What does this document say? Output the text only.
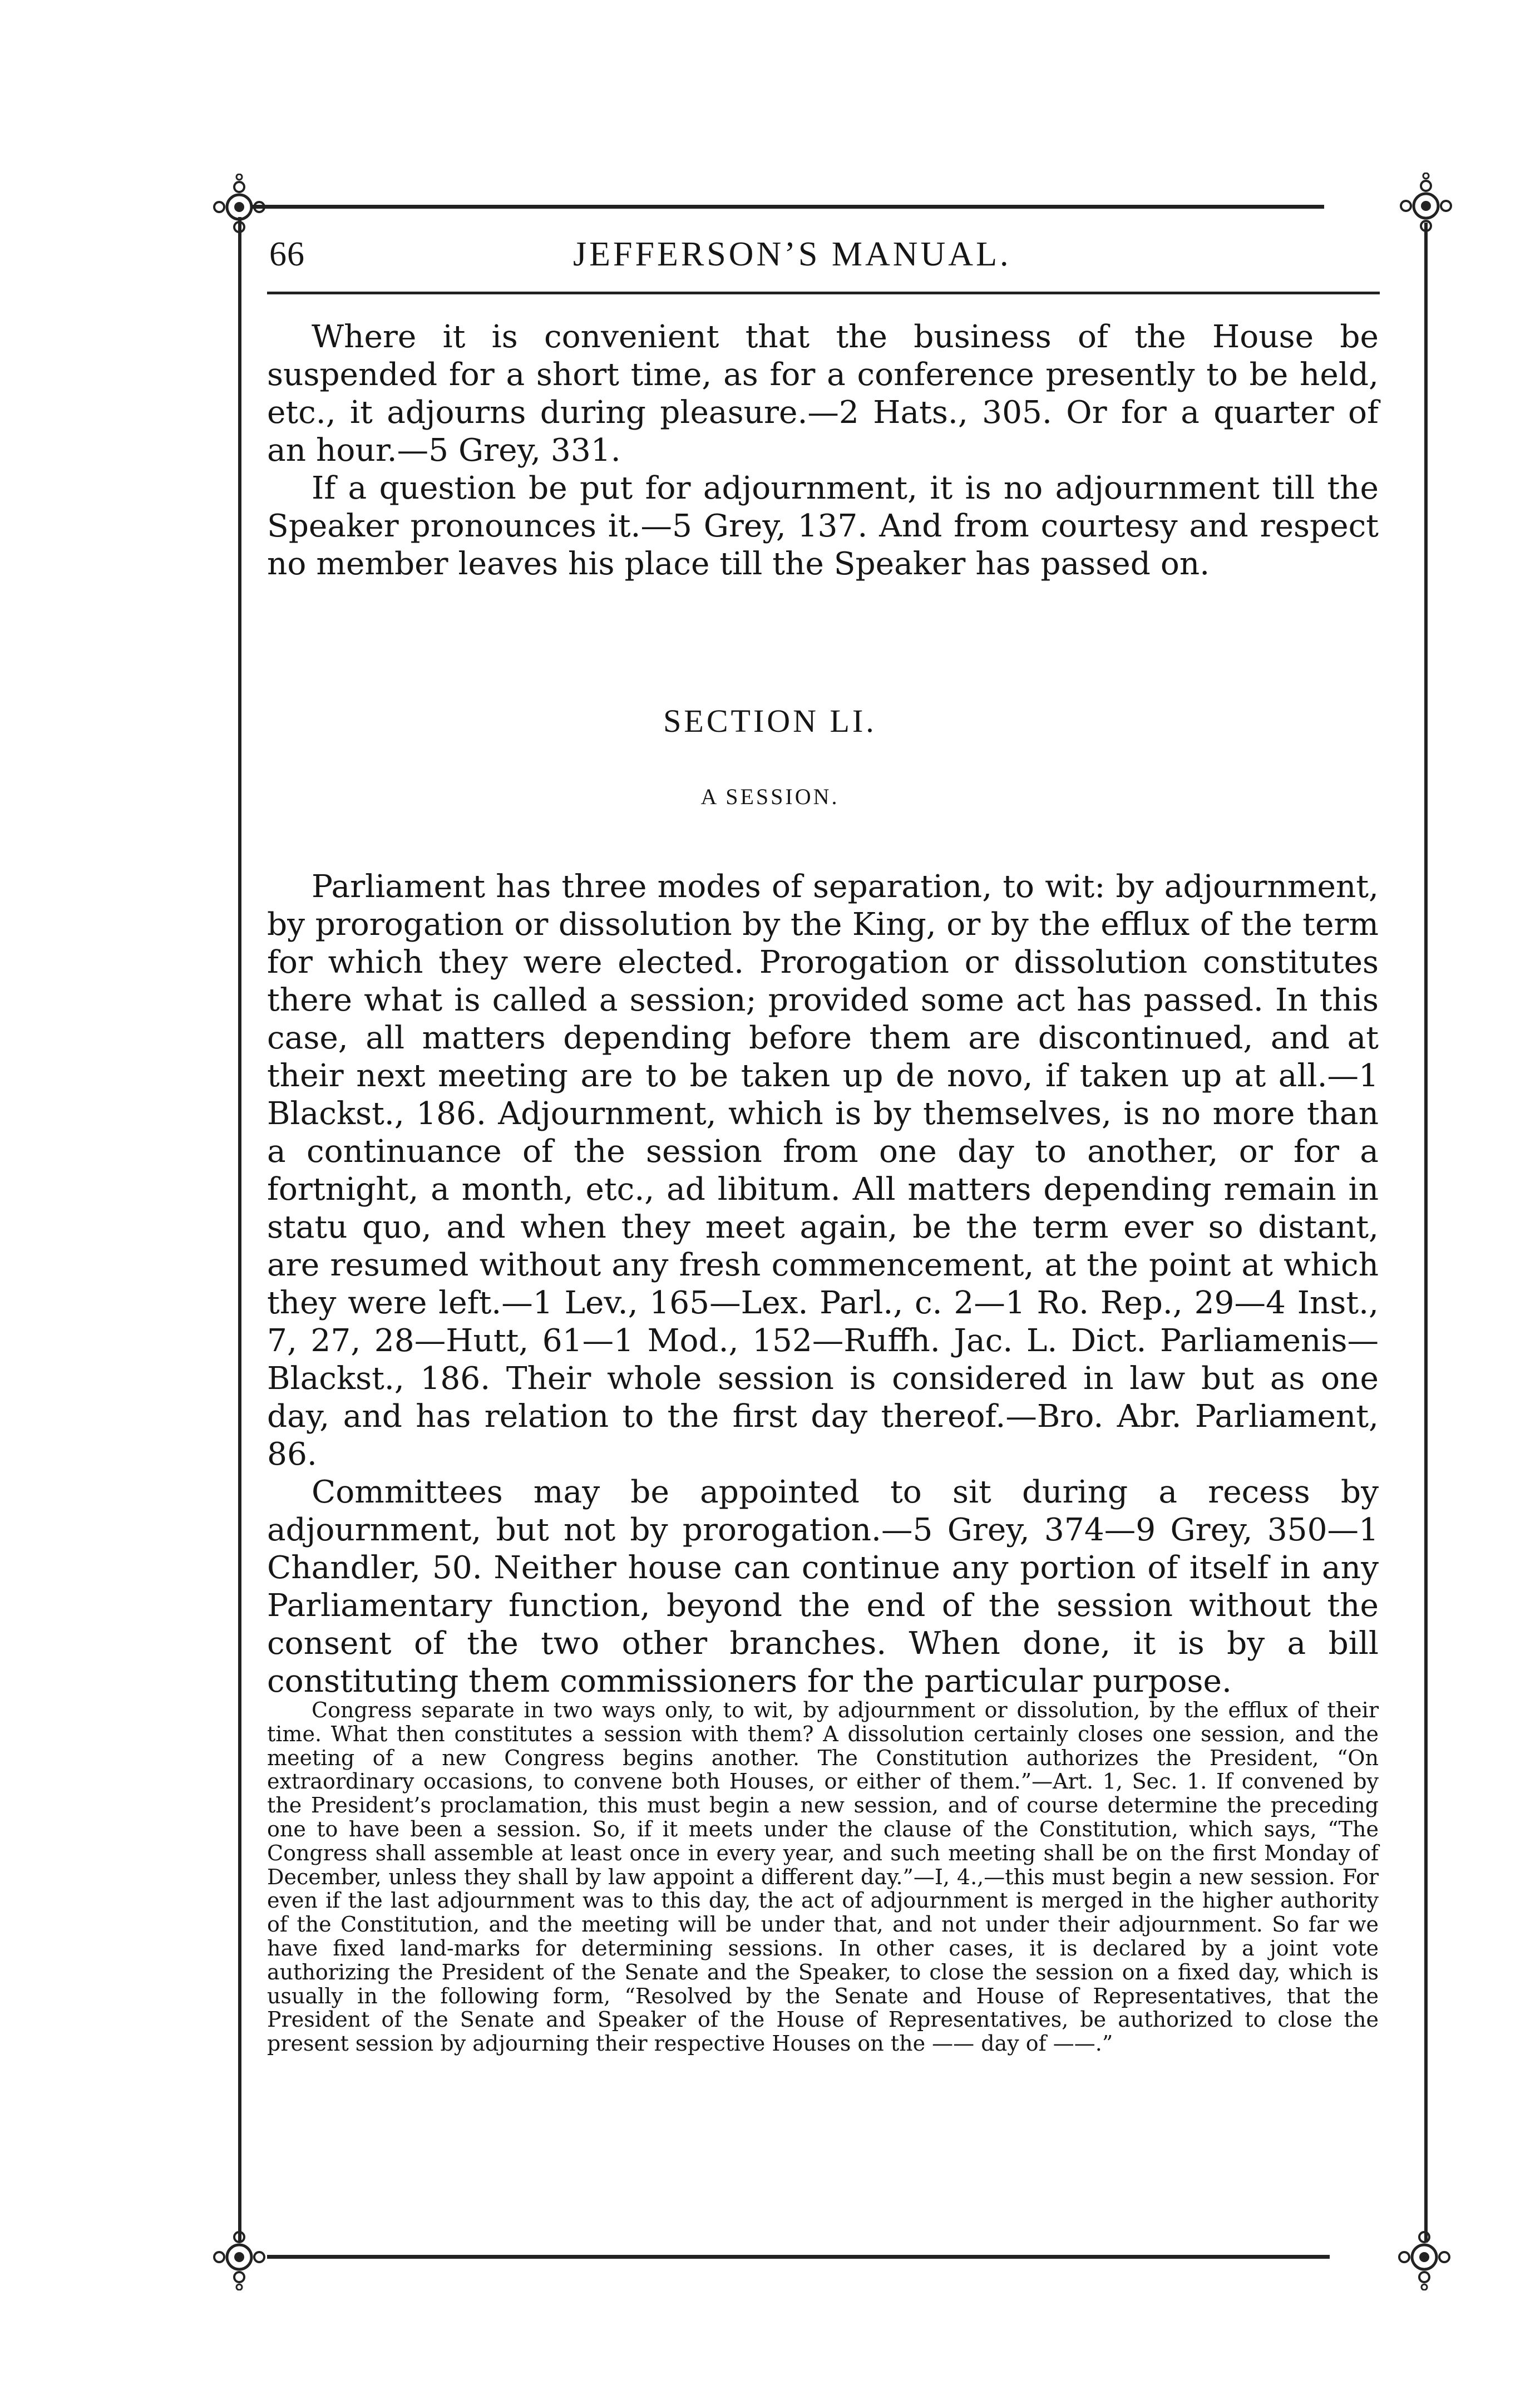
66	JEFFERSON’S MANUAL.

Where it is convenient that the business of the House be suspended for a short time, as for a conference presently to be held, etc., it adjourns during pleasure.—2 Hats., 305. Or for a quarter of an hour.—5 Grey, 331.

If a question be put for adjournment, it is no adjournment till the Speaker pronounces it.—5 Grey, 137. And from courtesy and respect no member leaves his place till the Speaker has passed on.

SECTION LI.
A SESSION.

Parliament has three modes of separation, to wit: by adjournment, by prorogation or dissolution by the King, or by the efflux of the term for which they were elected. Prorogation or dissolution constitutes there what is called a session; provided some act has passed. In this case, all matters depending before them are discontinued, and at their next meeting are to be taken up de novo, if taken up at all.—1 Blackst., 186. Adjournment, which is by themselves, is no more than a continuance of the session from one day to another, or for a fortnight, a month, etc., ad libitum. All matters depending remain in statu quo, and when they meet again, be the term ever so distant, are resumed without any fresh commencement, at the point at which they were left.—1 Lev., 165—Lex. Parl., c. 2—1 Ro. Rep., 29—4 Inst., 7, 27, 28—Hutt, 61—1 Mod., 152—Ruffh. Jac. L. Dict. Parliamenis—Blackst., 186. Their whole session is considered in law but as one day, and has relation to the first day thereof.—Bro. Abr. Parliament, 86.

Committees may be appointed to sit during a recess by adjournment, but not by prorogation.—5 Grey, 374—9 Grey, 350—1 Chandler, 50. Neither house can continue any portion of itself in any Parliamentary function, beyond the end of the session without the consent of the two other branches. When done, it is by a bill constituting them commissioners for the particular purpose.

Congress separate in two ways only, to wit, by adjournment or dissolution, by the efflux of their time. What then constitutes a session with them? A dissolution certainly closes one session, and the meeting of a new Congress begins another. The Constitution authorizes the President, “On extraordinary occasions, to convene both Houses, or either of them.”—Art. 1, Sec. 1. If convened by the President’s proclamation, this must begin a new session, and of course determine the preceding one to have been a session. So, if it meets under the clause of the Constitution, which says, “The Congress shall assemble at least once in every year, and such meeting shall be on the first Monday of December, unless they shall by law appoint a different day.”—I, 4.,—this must begin a new session. For even if the last adjournment was to this day, the act of adjournment is merged in the higher authority of the Constitution, and the meeting will be under that, and not under their adjournment. So far we have fixed land-marks for determining sessions. In other cases, it is declared by a joint vote authorizing the President of the Senate and the Speaker, to close the session on a fixed day, which is usually in the following form, “Resolved by the Senate and House of Representatives, that the President of the Senate and Speaker of the House of Representatives, be authorized to close the present session by adjourning their respective Houses on the —— day of ——.”
